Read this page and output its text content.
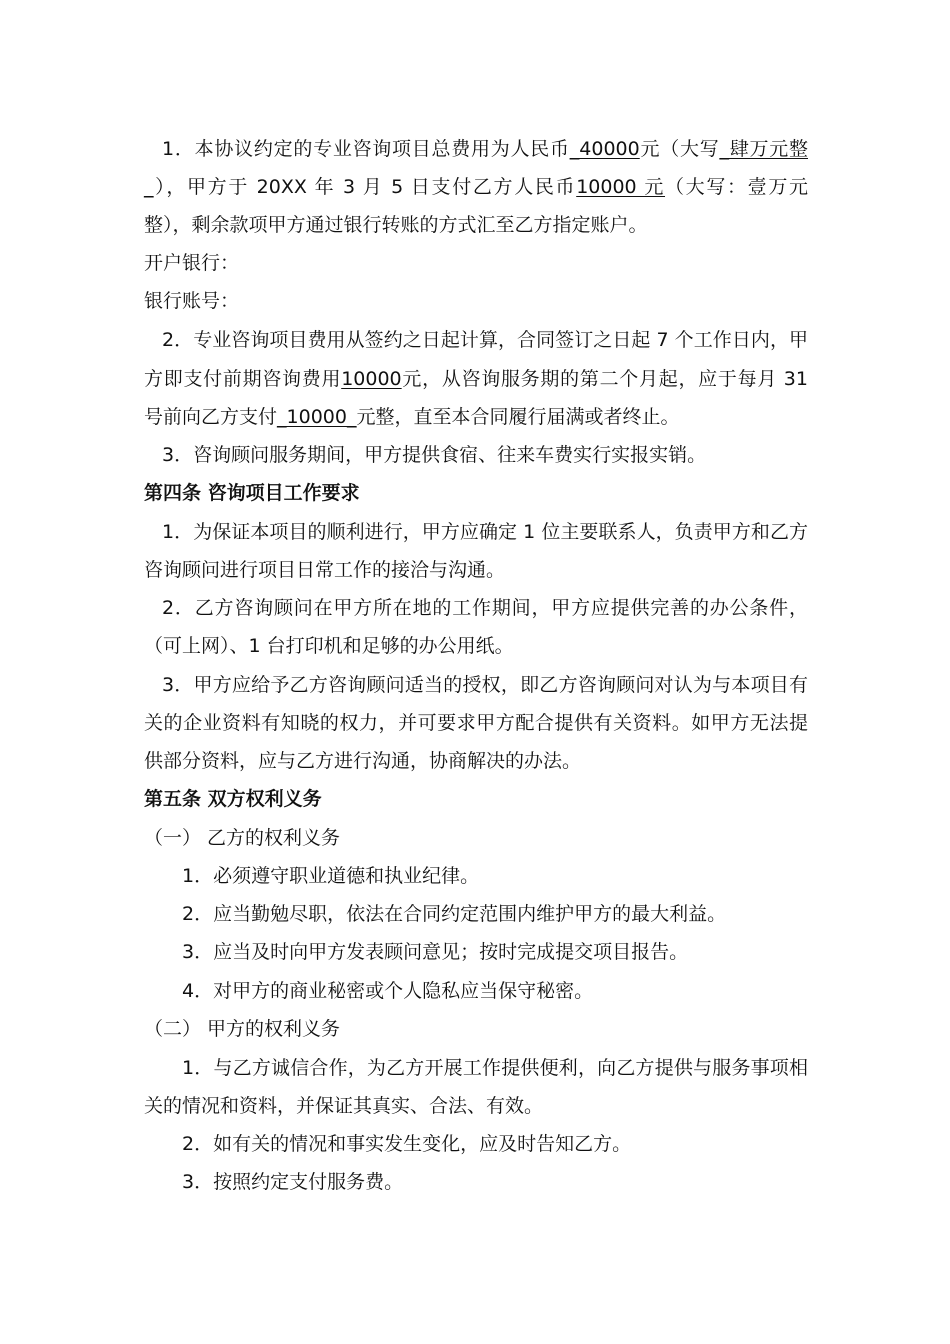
1．本协议约定的专业咨询项目总费用为人民币_40000元（大写_肆万元整
_），甲方于 20XX 年 3 月 5 日支付乙方人民币10000 元（大写：壹万元
整），剩余款项甲方通过银行转账的方式汇至乙方指定账户。
开户银行：
银行账号：
2．专业咨询项目费用从签约之日起计算，合同签订之日起 7 个工作日内，甲
方即支付前期咨询费用10000元，从咨询服务期的第二个月起，应于每月 31
号前向乙方支付_10000_元整，直至本合同履行届满或者终止。
3．咨询顾问服务期间，甲方提供食宿、往来车费实行实报实销。
第四条 咨询项目工作要求
1．为保证本项目的顺利进行，甲方应确定 1 位主要联系人，负责甲方和乙方
咨询顾问进行项目日常工作的接洽与沟通。
2．乙方咨询顾问在甲方所在地的工作期间，甲方应提供完善的办公条件，
（可上网）、1 台打印机和足够的办公用纸。
3．甲方应给予乙方咨询顾问适当的授权，即乙方咨询顾问对认为与本项目有
关的企业资料有知晓的权力，并可要求甲方配合提供有关资料。如甲方无法提
供部分资料，应与乙方进行沟通，协商解决的办法。
第五条 双方权利义务
（一） 乙方的权利义务
1．必须遵守职业道德和执业纪律。
2．应当勤勉尽职，依法在合同约定范围内维护甲方的最大利益。
3．应当及时向甲方发表顾问意见；按时完成提交项目报告。
4．对甲方的商业秘密或个人隐私应当保守秘密。
（二） 甲方的权利义务
1．与乙方诚信合作，为乙方开展工作提供便利，向乙方提供与服务事项相
关的情况和资料，并保证其真实、合法、有效。
2．如有关的情况和事实发生变化，应及时告知乙方。
3．按照约定支付服务费。
